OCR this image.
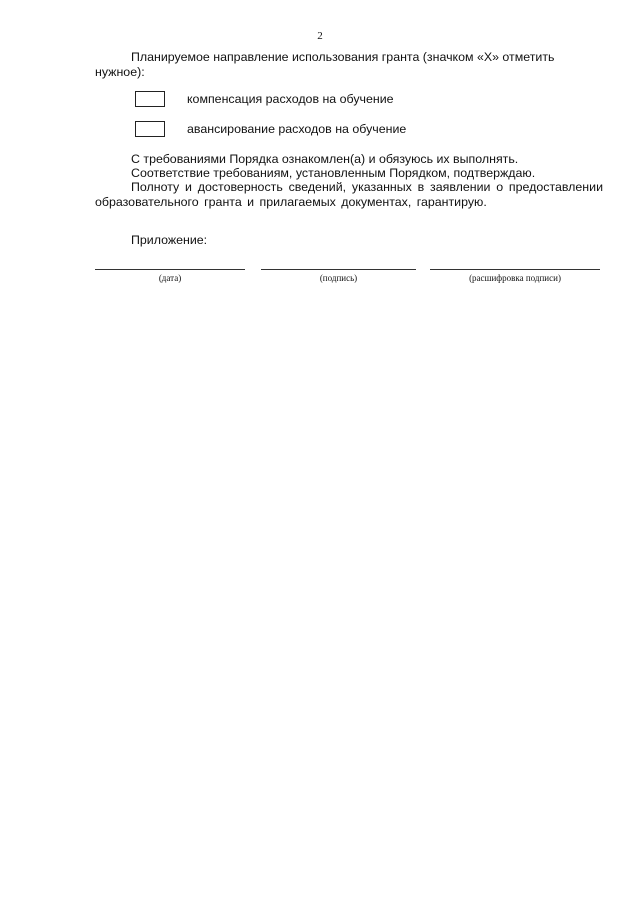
2
Планируемое направление использования гранта (значком «Х» отметить
нужное):
компенсация расходов на обучение
авансирование расходов на обучение
С требованиями Порядка ознакомлен(а) и обязуюсь их выполнять.
Соответствие требованиям, установленным Порядком, подтверждаю.
Полноту и достоверность сведений, указанных в заявлении о предоставлении образовательного гранта и прилагаемых документах, гарантирую.
Приложение:
(дата)	(подпись)	(расшифровка подписи)
